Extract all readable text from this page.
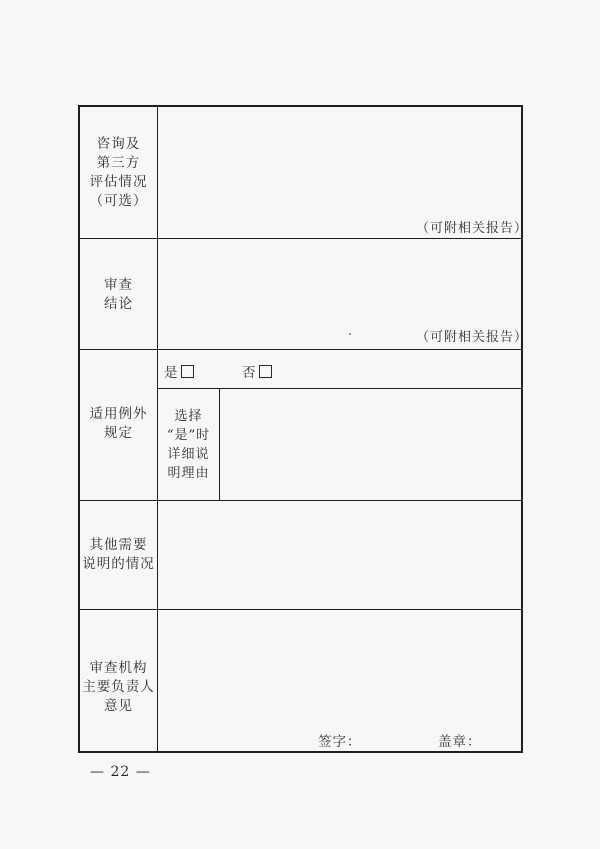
咨询及
第三方
评估情况
（可选）
（可附相关报告）
审查
结论
（可附相关报告）
适用例外
规定
是	否
选择
“是”时
详细说
明理由
其他需要
说明的情况
审查机构
主要负责人
意见
签字：	盖章：
— 22 —
